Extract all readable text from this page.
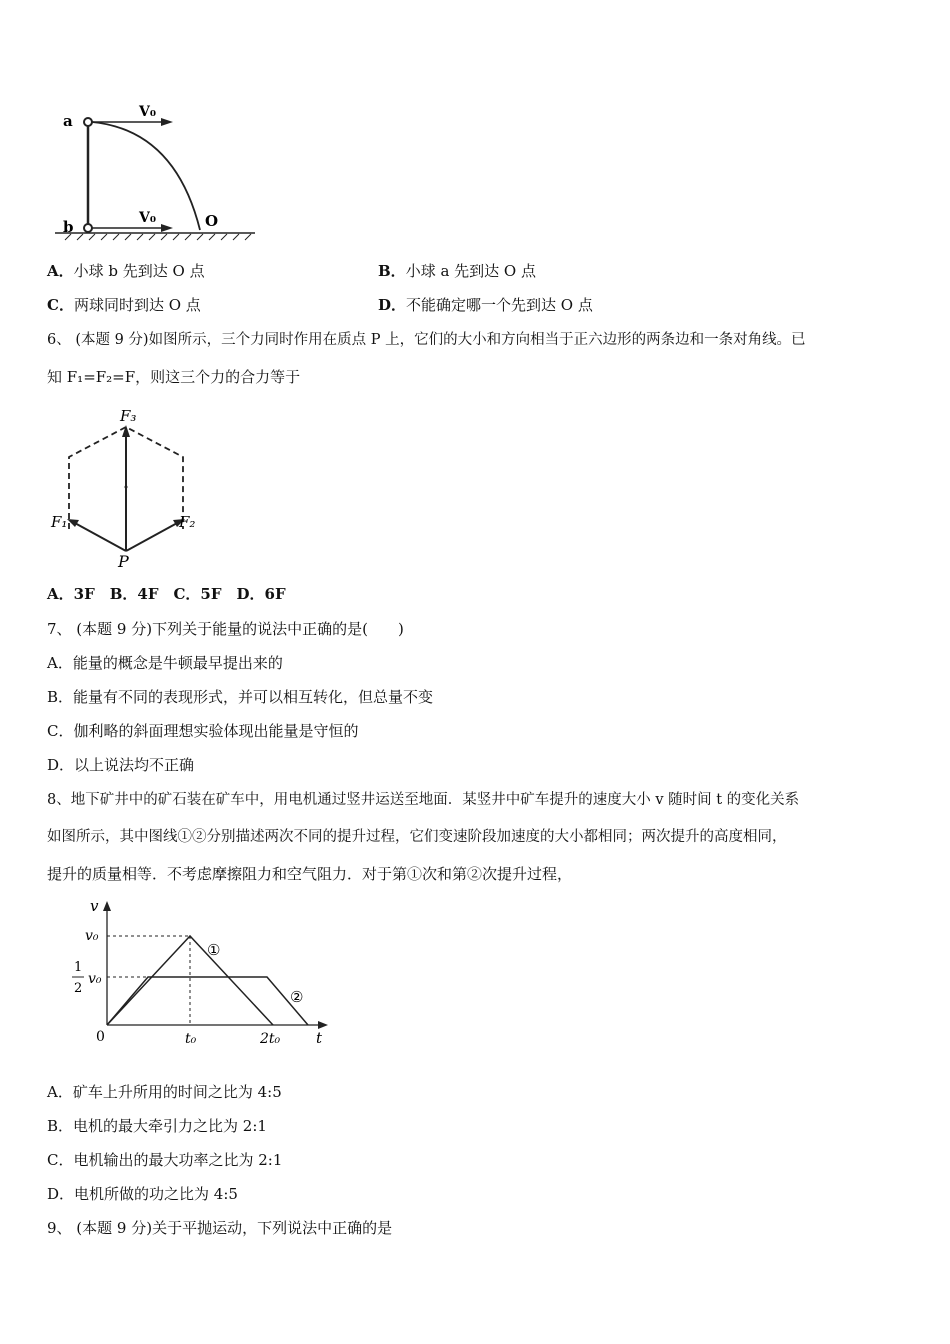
a
b	O
V₀
V₀
A．小球 b 先到达 O 点	B．小球 a 先到达 O 点
C．两球同时到达 O 点	D．不能确定哪一个先到达 O 点
6、 (本题 9 分)如图所示，三个力同时作用在质点 P 上，它们的大小和方向相当于正六边形的两条边和一条对角线。已
知 F₁=F₂=F，则这三个力的合力等于
F₃
F₁	F₂
P
A．3F　B．4F　C．5F　D．6F
7、 (本题 9 分)下列关于能量的说法中正确的是(　　)
A．能量的概念是牛顿最早提出来的
B．能量有不同的表现形式，并可以相互转化，但总量不变
C．伽利略的斜面理想实验体现出能量是守恒的
D．以上说法均不正确
8、地下矿井中的矿石装在矿车中，用电机通过竖井运送至地面．某竖井中矿车提升的速度大小 v 随时间 t 的变化关系
如图所示，其中图线①②分别描述两次不同的提升过程，它们变速阶段加速度的大小都相同；两次提升的高度相同，
提升的质量相等．不考虑摩擦阻力和空气阻力．对于第①次和第②次提升过程，
v
t
v₀
1
2
v₀
0	t₀	2t₀
①
②
A．矿车上升所用的时间之比为 4:5
B．电机的最大牵引力之比为 2:1
C．电机输出的最大功率之比为 2:1
D．电机所做的功之比为 4:5
9、 (本题 9 分)关于平抛运动，下列说法中正确的是
